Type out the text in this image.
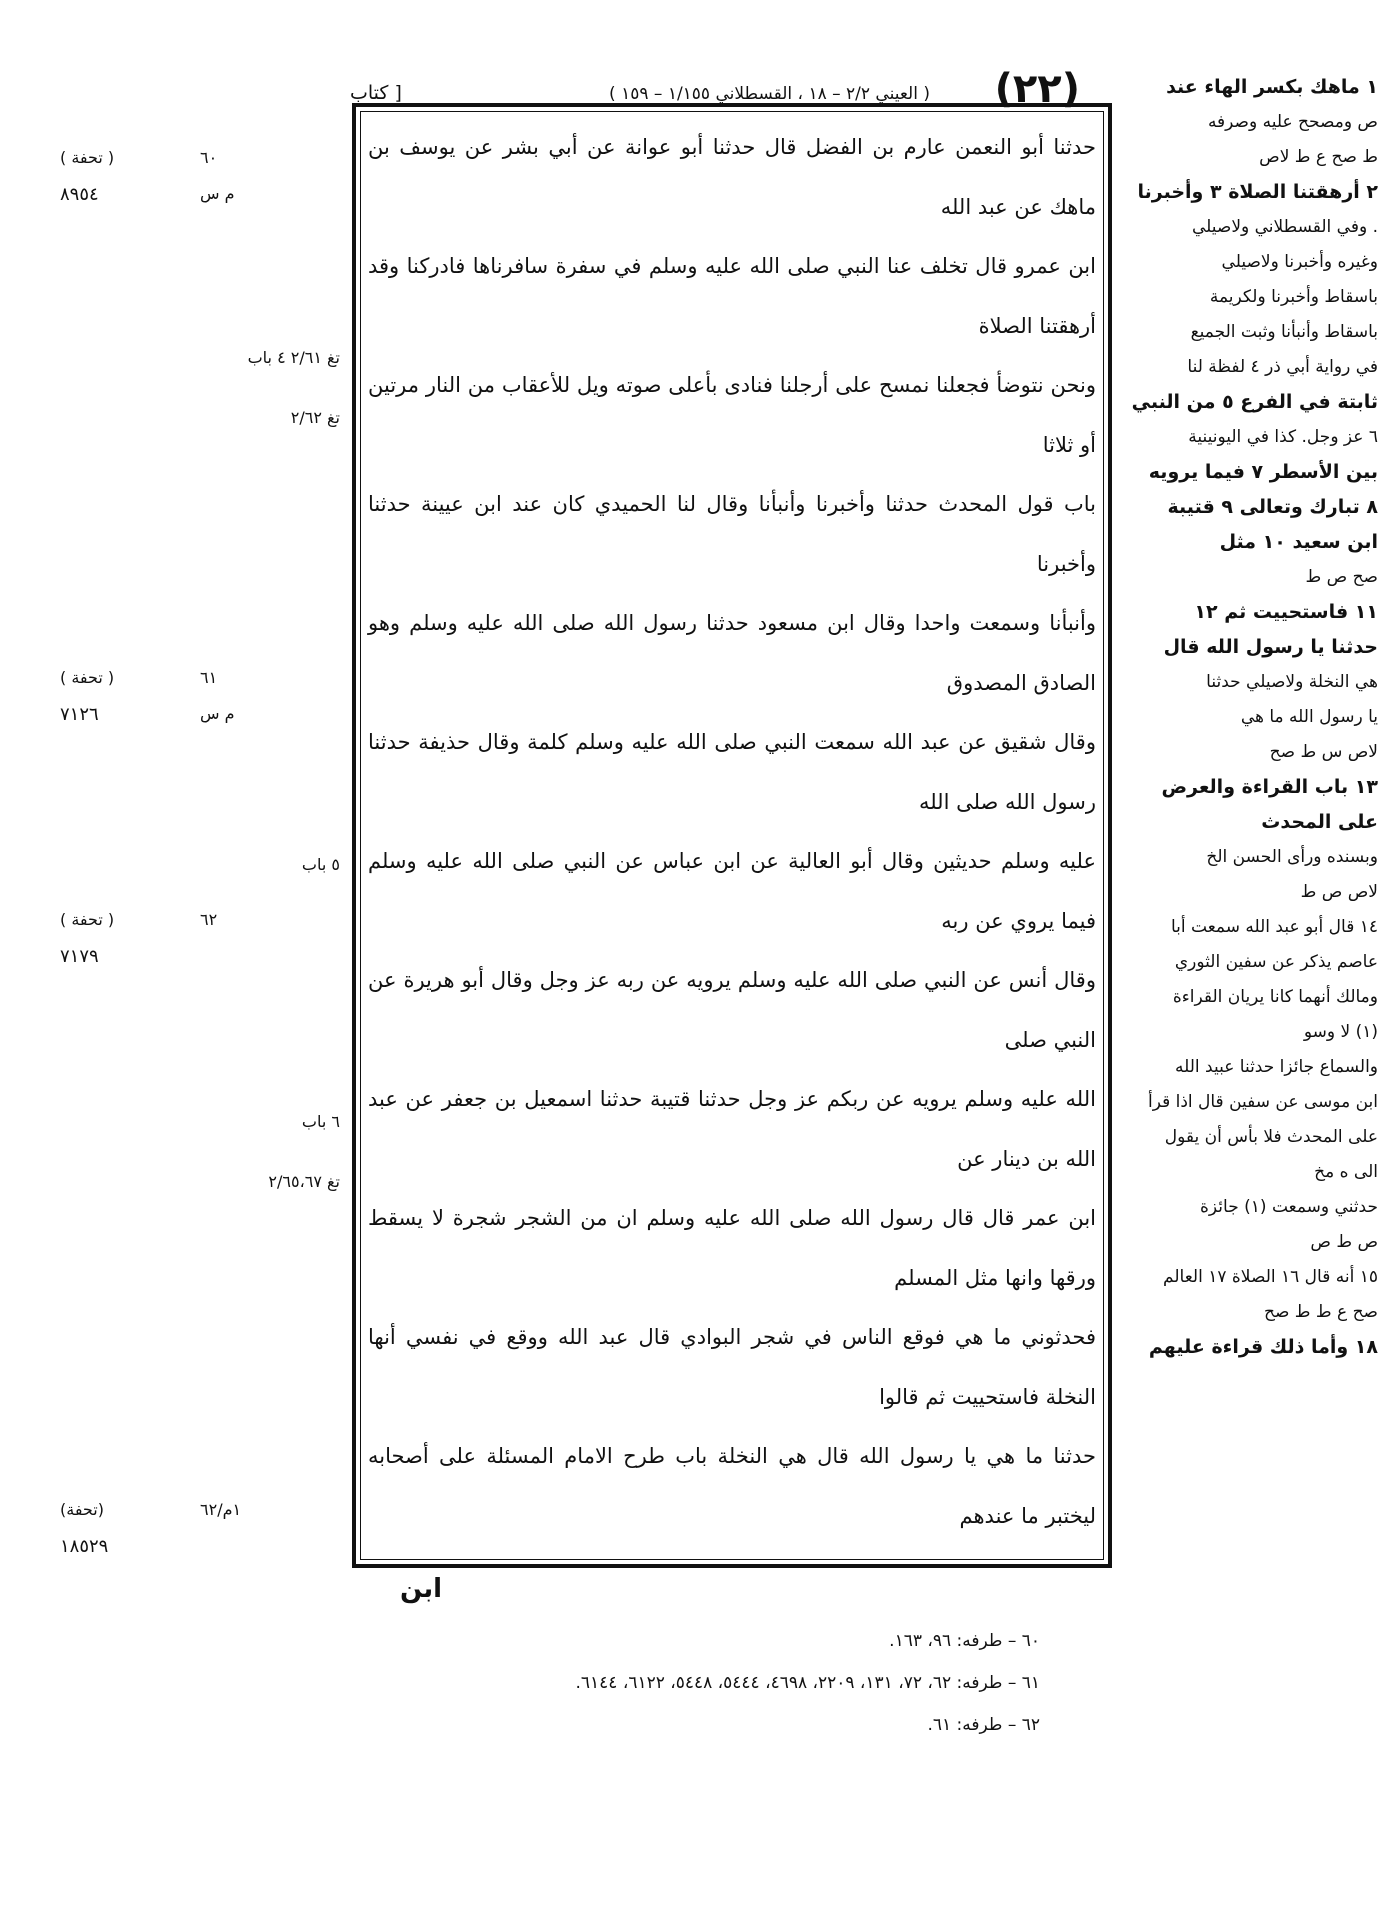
(٢٢)
( العيني ٢/٢ – ١٨ ، القسطلاني ١/١٥٥ – ١٥٩ )
[ كتاب

حدثنا أبو النعمن عارم بن الفضل قال حدثنا أبو عوانة عن أبي بشر عن يوسف بن ماهك عن عبد الله

ابن عمرو قال تخلف عنا النبي صلى الله عليه وسلم في سفرة سافرناها فادركنا وقد أرهقتنا الصلاة

ونحن نتوضأ فجعلنا نمسح على أرجلنا فنادى بأعلى صوته ويل للأعقاب من النار مرتين أو ثلاثا

باب قول المحدث حدثنا وأخبرنا وأنبأنا وقال لنا الحميدي كان عند ابن عيينة حدثنا وأخبرنا

وأنبأنا وسمعت واحدا وقال ابن مسعود حدثنا رسول الله صلى الله عليه وسلم وهو الصادق المصدوق

وقال شقيق عن عبد الله سمعت النبي صلى الله عليه وسلم كلمة وقال حذيفة حدثنا رسول الله صلى الله

عليه وسلم حديثين وقال أبو العالية عن ابن عباس عن النبي صلى الله عليه وسلم فيما يروي عن ربه

وقال أنس عن النبي صلى الله عليه وسلم يرويه عن ربه عز وجل وقال أبو هريرة عن النبي صلى

الله عليه وسلم يرويه عن ربكم عز وجل حدثنا قتيبة حدثنا اسمعيل بن جعفر عن عبد الله بن دينار عن

ابن عمر قال قال رسول الله صلى الله عليه وسلم ان من الشجر شجرة لا يسقط ورقها وانها مثل المسلم

فحدثوني ما هي فوقع الناس في شجر البوادي قال عبد الله ووقع في نفسي أنها النخلة فاستحييت ثم قالوا

حدثنا ما هي يا رسول الله قال هي النخلة باب طرح الامام المسئلة على أصحابه ليختبر ما عندهم

١ ماهك بكسر الهاء عند

ص ومصحح عليه وصرفه

ط صح ع ط لاص

٢ أرهقتنا الصلاة ٣ وأخبرنا

. وفي القسطلاني ولاصيلي

وغيره وأخبرنا ولاصيلي

باسقاط وأخبرنا ولكريمة

باسقاط وأنبأنا وثبت الجميع

في رواية أبي ذر ٤ لفظة لنا

ثابتة في الفرع ٥ من النبي

٦ عز وجل. كذا في اليونينية

بين الأسطر ٧ فيما يرويه

٨ تبارك وتعالى ٩ قتيبة

ابن سعيد ١٠ مثل

صح ص ط

١١ فاستحييت ثم ١٢

حدثنا يا رسول الله قال

هي النخلة ولاصيلي حدثنا

يا رسول الله ما هي

لاص س ط صح

١٣ باب القراءة والعرض

على المحدث

وبسنده ورأى الحسن الخ

لاص ص ط

١٤ قال أبو عبد الله سمعت أبا

عاصم يذكر عن سفين الثوري

ومالك أنهما كانا يريان القراءة

(١) لا وسو

والسماع جائزا حدثنا عبيد الله

ابن موسى عن سفين قال اذا قرأ

على المحدث فلا بأس أن يقول

الى ه مخ

حدثني وسمعت (١) جائزة

ص ط ص

١٥ أنه قال ١٦ الصلاة ١٧ العالم

صح ع ط ط صح

١٨ وأما ذلك قراءة عليهم

( تحفة )	٦٠
٨٩٥٤	م س
( تحفة )	٦١
٧١٢٦	م س
( تحفة )	٦٢
٧١٧٩
(تحفة)	١م/٦٢
١٨٥٢٩
تغ ٢/٦١ ٤ باب
تغ ٢/٦٢
٥ باب
٦ باب
تغ ٢/٦٥،٦٧
ابن

٦٠ – طرفه: ٩٦، ١٦٣.

٦١ – طرفه: ٦٢، ٧٢، ١٣١، ٢٢٠٩، ٤٦٩٨، ٥٤٤٤، ٥٤٤٨، ٦١٢٢، ٦١٤٤.

٦٢ – طرفه: ٦١.
